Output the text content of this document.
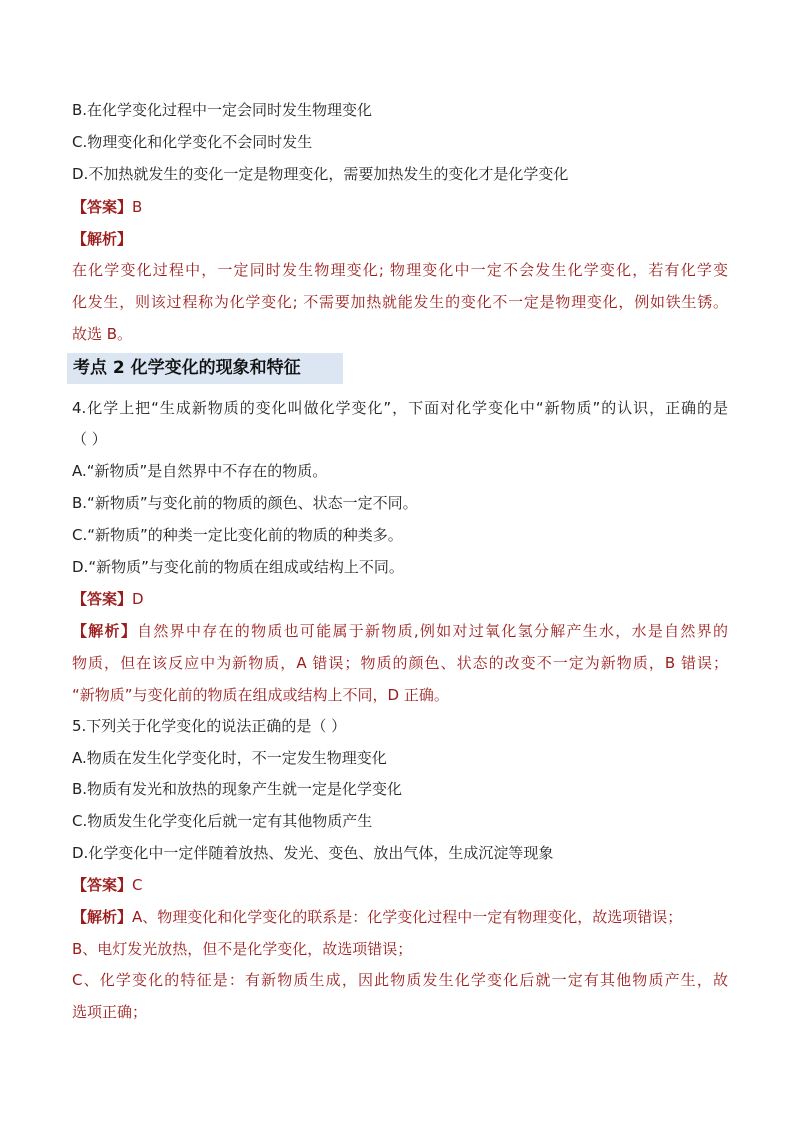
B.在化学变化过程中一定会同时发生物理变化
C.物理变化和化学变化不会同时发生
D.不加热就发生的变化一定是物理变化，需要加热发生的变化才是化学变化
【答案】B
【解析】
在化学变化过程中，一定同时发生物理变化; 物理变化中一定不会发生化学变化，若有化学变
化发生，则该过程称为化学变化; 不需要加热就能发生的变化不一定是物理变化，例如铁生锈。
故选 B。
考点 2 化学变化的现象和特征
4.化学上把“生成新物质的变化叫做化学变化”，下面对化学变化中“新物质”的认识，正确的是
（ ）
A.“新物质”是自然界中不存在的物质。
B.“新物质”与变化前的物质的颜色、状态一定不同。
C.“新物质”的种类一定比变化前的物质的种类多。
D.“新物质”与变化前的物质在组成或结构上不同。
【答案】D
【解析】自然界中存在的物质也可能属于新物质,例如对过氧化氢分解产生水，水是自然界的
物质，但在该反应中为新物质，A 错误；物质的颜色、状态的改变不一定为新物质，B 错误；
“新物质”与变化前的物质在组成或结构上不同，D 正确。
5.下列关于化学变化的说法正确的是（ ）
A.物质在发生化学变化时，不一定发生物理变化
B.物质有发光和放热的现象产生就一定是化学变化
C.物质发生化学变化后就一定有其他物质产生
D.化学变化中一定伴随着放热、发光、变色、放出气体，生成沉淀等现象
【答案】C
【解析】A、物理变化和化学变化的联系是：化学变化过程中一定有物理变化，故选项错误；
B、电灯发光放热，但不是化学变化，故选项错误；
C、化学变化的特征是：有新物质生成，因此物质发生化学变化后就一定有其他物质产生，故
选项正确；
